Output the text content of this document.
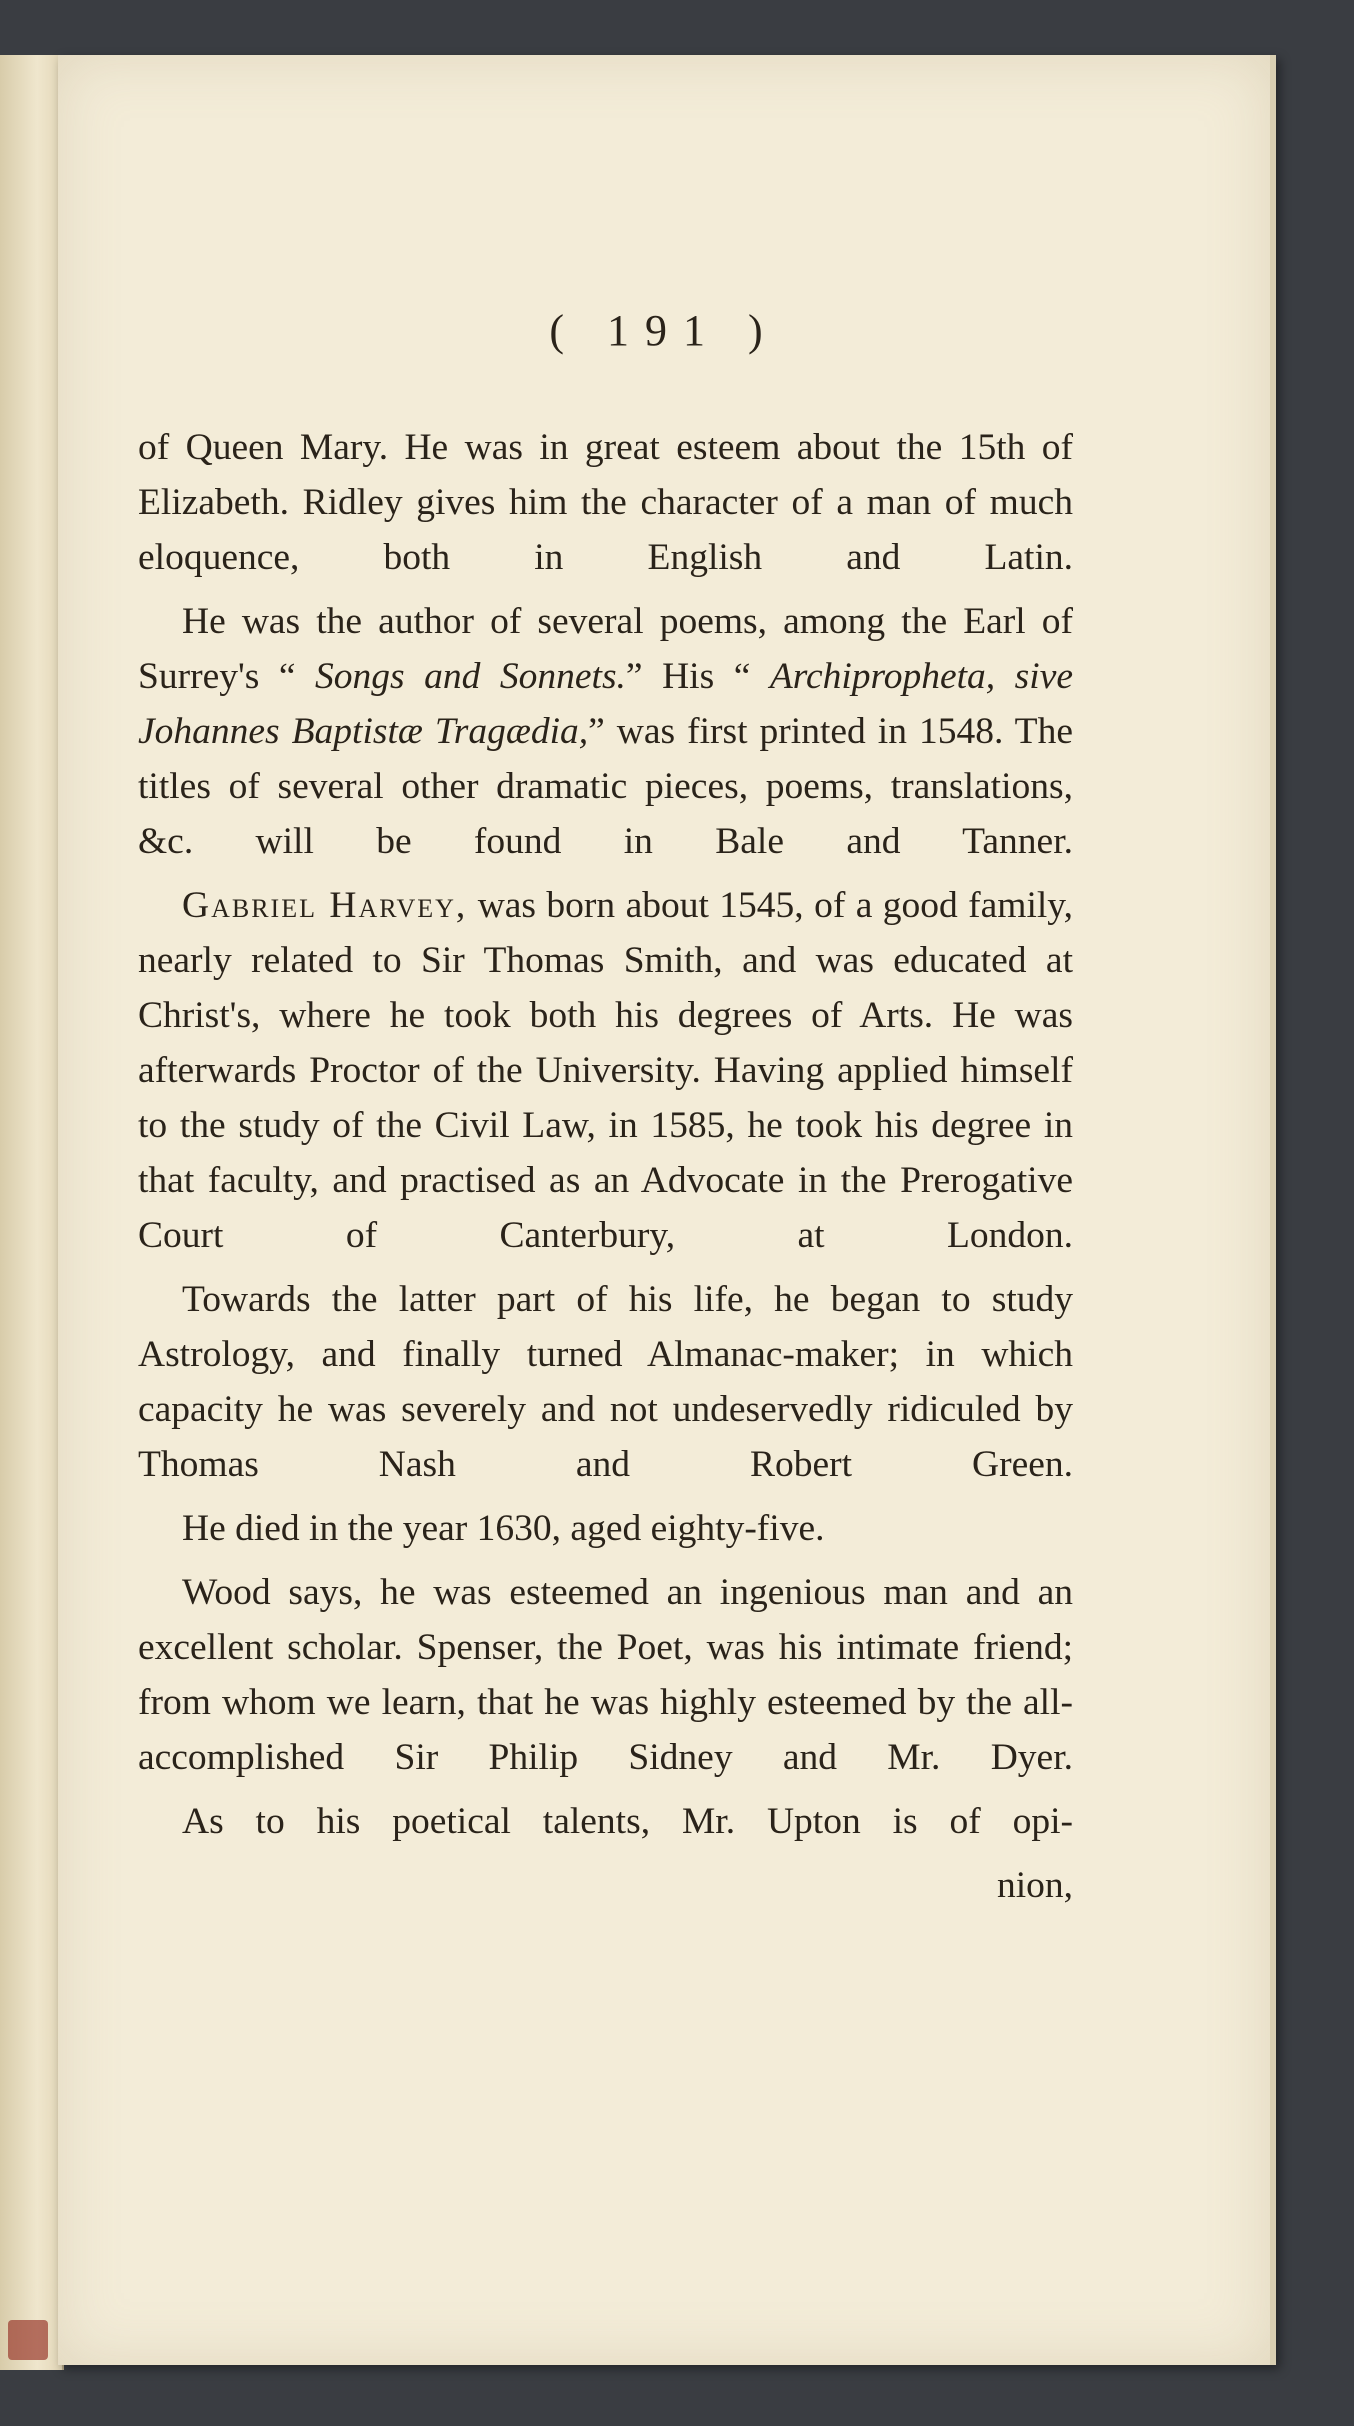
( 191 )

of Queen Mary. He was in great esteem about the 15th of Elizabeth. Ridley gives him the character of a man of much eloquence, both in English and Latin.

He was the author of several poems, among the Earl of Surrey's “ Songs and Sonnets.” His “ Archipropheta, sive Johannes Baptistæ Tragædia,” was first printed in 1548. The titles of several other dramatic pieces, poems, translations, &c. will be found in Bale and Tanner.

Gabriel Harvey, was born about 1545, of a good family, nearly related to Sir Thomas Smith, and was educated at Christ's, where he took both his degrees of Arts. He was afterwards Proctor of the University. Having applied himself to the study of the Civil Law, in 1585, he took his degree in that faculty, and practised as an Advocate in the Prerogative Court of Canterbury, at London.

Towards the latter part of his life, he began to study Astrology, and finally turned Almanac-maker; in which capacity he was severely and not undeservedly ridiculed by Thomas Nash and Robert Green.

He died in the year 1630, aged eighty-five.

Wood says, he was esteemed an ingenious man and an excellent scholar. Spenser, the Poet, was his intimate friend; from whom we learn, that he was highly esteemed by the all-accomplished Sir Philip Sidney and Mr. Dyer.

As to his poetical talents, Mr. Upton is of opi-

nion,
